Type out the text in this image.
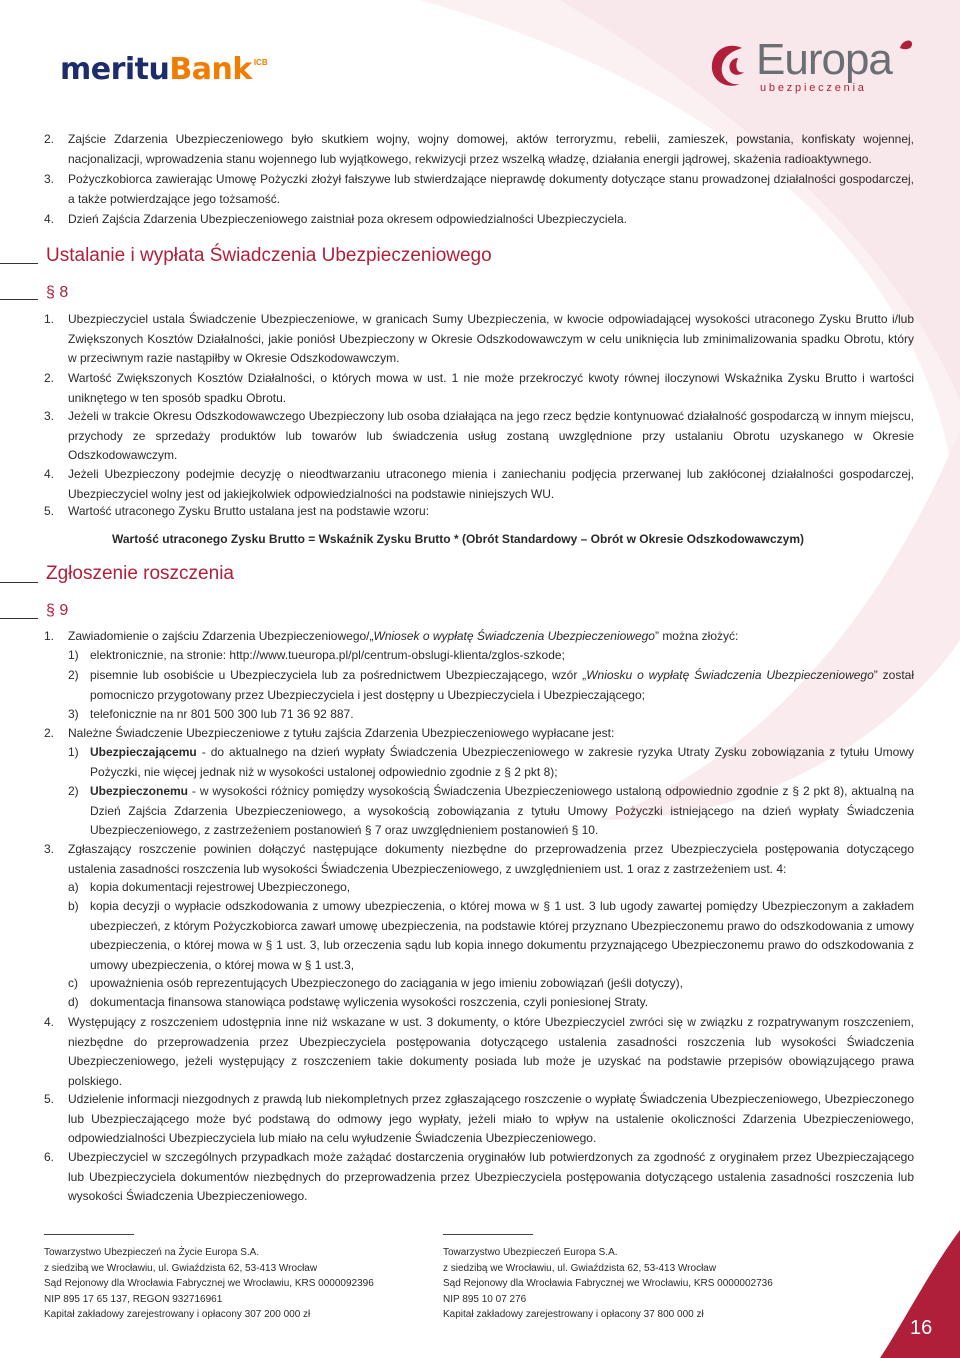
merituBank $^{ICB}$	Europa
ubezpieczenia
2. Zajście Zdarzenia Ubezpieczeniowego było skutkiem wojny, wojny domowej, aktów terroryzmu, rebelii, zamieszek, powstania, konfiskaty wojennej, nacjonalizacji, wprowadzenia stanu wojennego lub wyjątkowego, rekwizycji przez wszelką władzę, działania energii jądrowej, skażenia radioaktywnego.
3. Pożyczkobiorca zawierając Umowę Pożyczki złożył fałszywe lub stwierdzające nieprawdę dokumenty dotyczące stanu prowadzonej działalności gospodarczej, a także potwierdzające jego tożsamość.
4. Dzień Zajścia Zdarzenia Ubezpieczeniowego zaistniał poza okresem odpowiedzialności Ubezpieczyciela.
Ustalanie i wypłata Świadczenia Ubezpieczeniowego
§ 8
1. Ubezpieczyciel ustala Świadczenie Ubezpieczeniowe, w granicach Sumy Ubezpieczenia, w kwocie odpowiadającej wysokości utraconego Zysku Brutto i/lub Zwiększonych Kosztów Działalności, jakie poniósł Ubezpieczony w Okresie Odszkodowawczym w celu uniknięcia lub zminimalizowania spadku Obrotu, który w przeciwnym razie nastąpiłby w Okresie Odszkodowawczym.
2. Wartość Zwiększonych Kosztów Działalności, o których mowa w ust. 1 nie może przekroczyć kwoty równej iloczynowi Wskaźnika Zysku Brutto i wartości uniknętego w ten sposób spadku Obrotu.
3. Jeżeli w trakcie Okresu Odszkodowawczego Ubezpieczony lub osoba działająca na jego rzecz będzie kontynuować działalność gospodarczą w innym miejscu, przychody ze sprzedaży produktów lub towarów lub świadczenia usług zostaną uwzględnione przy ustalaniu Obrotu uzyskanego w Okresie Odszkodowawczym.
4. Jeżeli Ubezpieczony podejmie decyzję o nieodtwarzaniu utraconego mienia i zaniechaniu podjęcia przerwanej lub zakłóconej działalności gospodarczej, Ubezpieczyciel wolny jest od jakiejkolwiek odpowiedzialności na podstawie niniejszych WU.
5. Wartość utraconego Zysku Brutto ustalana jest na podstawie wzoru:
Wartość utraconego Zysku Brutto = Wskaźnik Zysku Brutto * (Obrót Standardowy – Obrót w Okresie Odszkodowawczym)
Zgłoszenie roszczenia
§ 9
1. Zawiadomienie o zajściu Zdarzenia Ubezpieczeniowego/„Wniosek o wypłatę Świadczenia Ubezpieczeniowego” można złożyć:
1) elektronicznie, na stronie: http://www.tueuropa.pl/pl/centrum-obslugi-klienta/zglos-szkode;
2) pisemnie lub osobiście u Ubezpieczyciela lub za pośrednictwem Ubezpieczającego, wzór „Wniosku o wypłatę Świadczenia Ubezpieczeniowego” został pomocniczo przygotowany przez Ubezpieczyciela i jest dostępny u Ubezpieczyciela i Ubezpieczającego;
3) telefonicznie na nr 801 500 300 lub 71 36 92 887.
2. Należne Świadczenie Ubezpieczeniowe z tytułu zajścia Zdarzenia Ubezpieczeniowego wypłacane jest:
1) Ubezpieczającemu - do aktualnego na dzień wypłaty Świadczenia Ubezpieczeniowego w zakresie ryzyka Utraty Zysku zobowiązania z tytułu Umowy Pożyczki, nie więcej jednak niż w wysokości ustalonej odpowiednio zgodnie z § 2 pkt 8);
2) Ubezpieczonemu - w wysokości różnicy pomiędzy wysokością Świadczenia Ubezpieczeniowego ustaloną odpowiednio zgodnie z § 2 pkt 8), aktualną na Dzień Zajścia Zdarzenia Ubezpieczeniowego, a wysokością zobowiązania z tytułu Umowy Pożyczki istniejącego na dzień wypłaty Świadczenia Ubezpieczeniowego, z zastrzeżeniem postanowień § 7 oraz uwzględnieniem postanowień § 10.
3. Zgłaszający roszczenie powinien dołączyć następujące dokumenty niezbędne do przeprowadzenia przez Ubezpieczyciela postępowania dotyczącego ustalenia zasadności roszczenia lub wysokości Świadczenia Ubezpieczeniowego, z uwzględnieniem ust. 1 oraz z zastrzeżeniem ust. 4:
a) kopia dokumentacji rejestrowej Ubezpieczonego,
b) kopia decyzji o wypłacie odszkodowania z umowy ubezpieczenia, o której mowa w § 1 ust. 3 lub ugody zawartej pomiędzy Ubezpieczonym a zakładem ubezpieczeń, z którym Pożyczkobiorca zawarł umowę ubezpieczenia, na podstawie której przyznano Ubezpieczonemu prawo do odszkodowania z umowy ubezpieczenia, o której mowa w § 1 ust. 3, lub orzeczenia sądu lub kopia innego dokumentu przyznającego Ubezpieczonemu prawo do odszkodowania z umowy ubezpieczenia, o której mowa w § 1 ust.3,
c) upoważnienia osób reprezentujących Ubezpieczonego do zaciągania w jego imieniu zobowiązań (jeśli dotyczy),
d) dokumentacja finansowa stanowiąca podstawę wyliczenia wysokości roszczenia, czyli poniesionej Straty.
4. Występujący z roszczeniem udostępnia inne niż wskazane w ust. 3 dokumenty, o które Ubezpieczyciel zwróci się w związku z rozpatrywanym roszczeniem, niezbędne do przeprowadzenia przez Ubezpieczyciela postępowania dotyczącego ustalenia zasadności roszczenia lub wysokości Świadczenia Ubezpieczeniowego, jeżeli występujący z roszczeniem takie dokumenty posiada lub może je uzyskać na podstawie przepisów obowiązującego prawa polskiego.
5. Udzielenie informacji niezgodnych z prawdą lub niekompletnych przez zgłaszającego roszczenie o wypłatę Świadczenia Ubezpieczeniowego, Ubezpieczonego lub Ubezpieczającego może być podstawą do odmowy jego wypłaty, jeżeli miało to wpływ na ustalenie okoliczności Zdarzenia Ubezpieczeniowego, odpowiedzialności Ubezpieczyciela lub miało na celu wyłudzenie Świadczenia Ubezpieczeniowego.
6. Ubezpieczyciel w szczególnych przypadkach może zażądać dostarczenia oryginałów lub potwierdzonych za zgodność z oryginałem przez Ubezpieczającego lub Ubezpieczyciela dokumentów niezbędnych do przeprowadzenia przez Ubezpieczyciela postępowania dotyczącego ustalenia zasadności roszczenia lub wysokości Świadczenia Ubezpieczeniowego.
Towarzystwo Ubezpieczeń na Życie Europa S.A.
z siedzibą we Wrocławiu, ul. Gwiaździsta 62, 53-413 Wrocław
Sąd Rejonowy dla Wrocławia Fabrycznej we Wrocławiu, KRS 0000092396
NIP 895 17 65 137, REGON 932716961
Kapitał zakładowy zarejestrowany i opłacony 307 200 000 zł
Towarzystwo Ubezpieczeń Europa S.A.
z siedzibą we Wrocławiu, ul. Gwiaździsta 62, 53-413 Wrocław
Sąd Rejonowy dla Wrocławia Fabrycznej we Wrocławiu, KRS 0000002736
NIP 895 10 07 276
Kapitał zakładowy zarejestrowany i opłacony 37 800 000 zł
16
